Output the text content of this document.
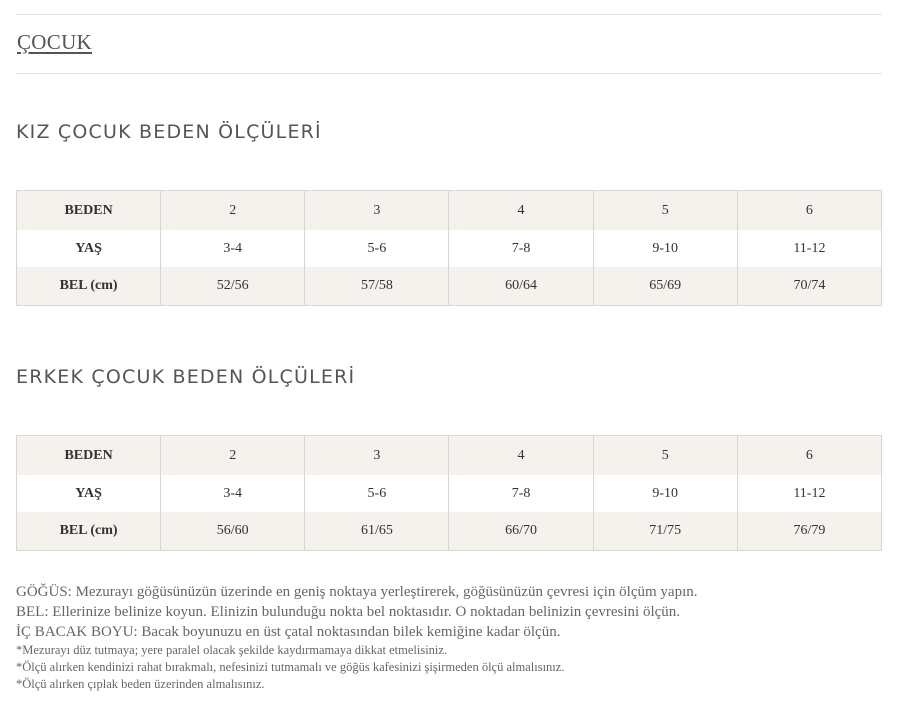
ÇOCUK
KIZ ÇOCUK BEDEN ÖLÇÜLERİ
BEDEN	2	3	4	5	6
YAŞ	3-4	5-6	7-8	9-10	11-12
BEL (cm)	52/56	57/58	60/64	65/69	70/74
ERKEK ÇOCUK BEDEN ÖLÇÜLERİ
BEDEN	2	3	4	5	6
YAŞ	3-4	5-6	7-8	9-10	11-12
BEL (cm)	56/60	61/65	66/70	71/75	76/79
GÖĞÜS: Mezurayı göğüsünüzün üzerinde en geniş noktaya yerleştirerek, göğüsünüzün çevresi için ölçüm yapın.
BEL: Ellerinize belinize koyun. Elinizin bulunduğu nokta bel noktasıdır. O noktadan belinizin çevresini ölçün.
İÇ BACAK BOYU: Bacak boyunuzu en üst çatal noktasından bilek kemiğine kadar ölçün.
*Mezurayı düz tutmaya; yere paralel olacak şekilde kaydırmamaya dikkat etmelisiniz.
*Ölçü alırken kendinizi rahat bırakmalı, nefesinizi tutmamalı ve göğüs kafesinizi şişirmeden ölçü almalısınız.
*Ölçü alırken çıplak beden üzerinden almalısınız.
